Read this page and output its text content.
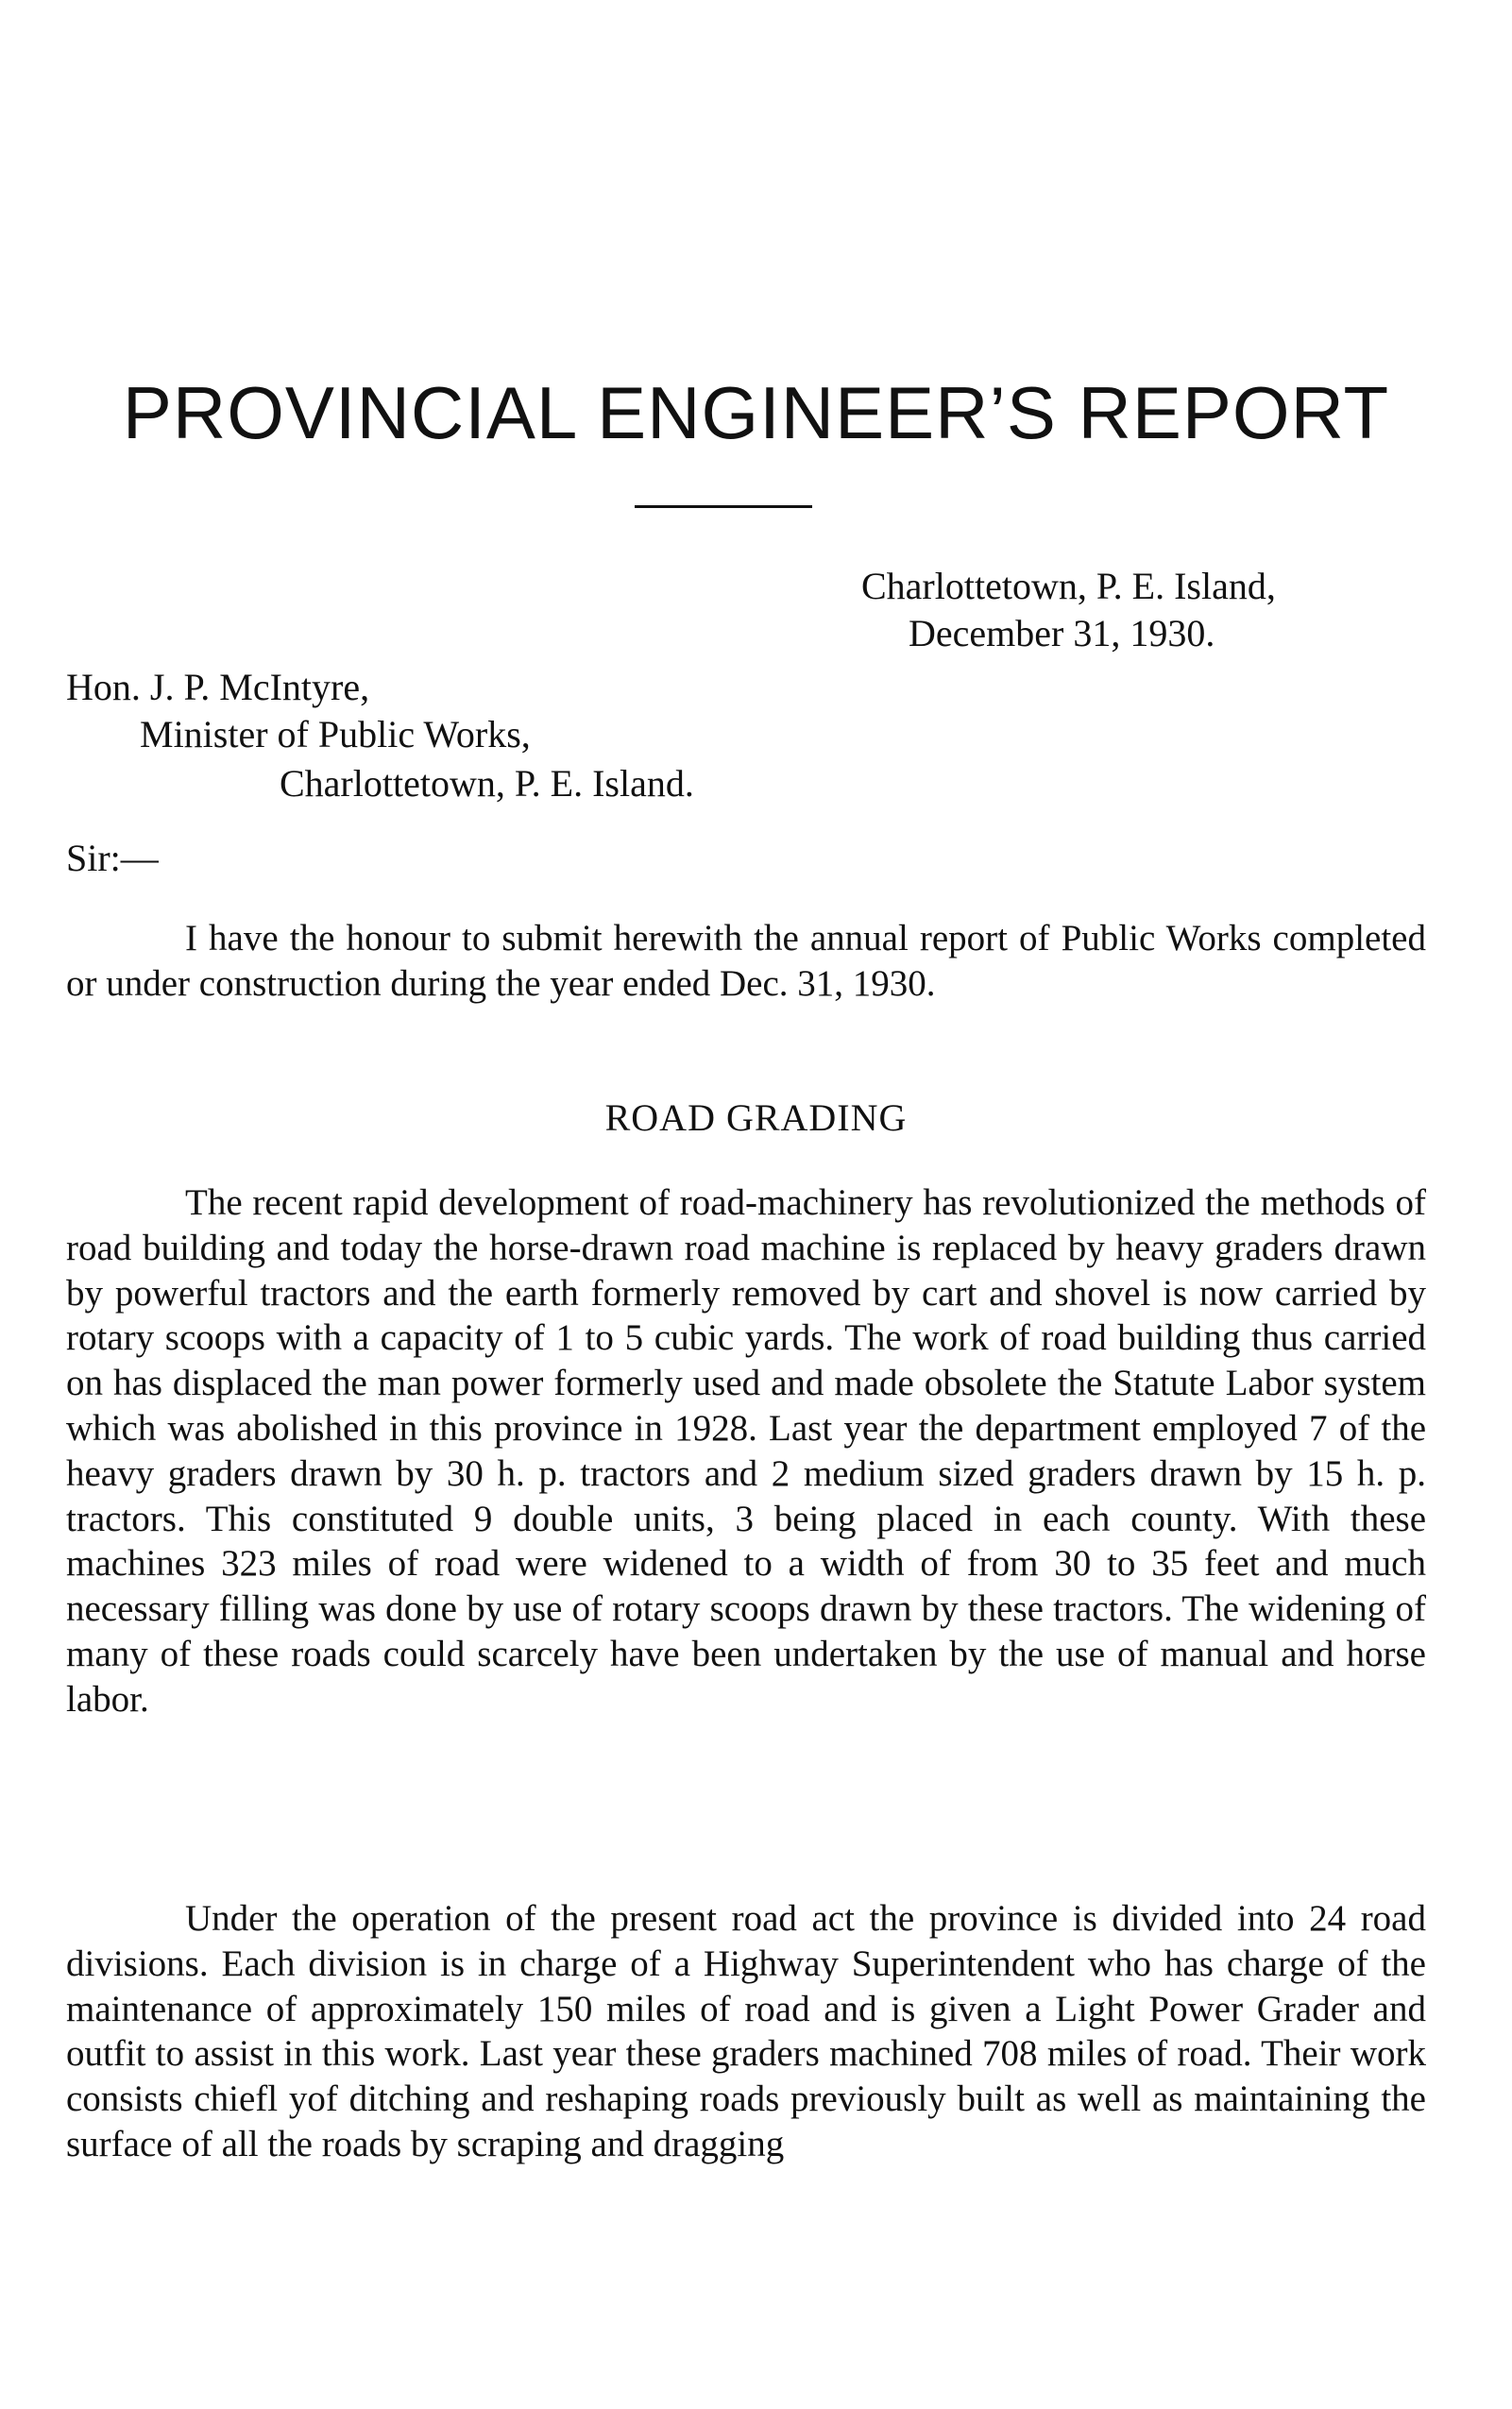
PROVINCIAL ENGINEER’S REPORT

Charlottetown, P. E. Island,

December 31, 1930.

Hon. J. P. McIntyre,

Minister of Public Works,

Charlottetown, P. E. Island.

Sir:—

I have the honour to submit herewith the annual report of Public Works completed or under construction during the year ended Dec. 31, 1930.

ROAD GRADING

The recent rapid development of road-machinery has revolutionized the methods of road building and today the horse-drawn road machine is replaced by heavy graders drawn by powerful tractors and the earth formerly removed by cart and shovel is now carried by rotary scoops with a capacity of 1 to 5 cubic yards. The work of road building thus carried on has displaced the man power formerly used and made obsolete the Statute Labor system which was abolished in this province in 1928. Last year the department employed 7 of the heavy graders drawn by 30 h. p. tractors and 2 medium sized graders drawn by 15 h. p. tractors. This constituted 9 double units, 3 being placed in each county. With these machines 323 miles of road were widened to a width of from 30 to 35 feet and much necessary filling was done by use of rotary scoops drawn by these tractors. The widening of many of these roads could scarcely have been undertaken by the use of manual and horse labor.

Under the operation of the present road act the province is divided into 24 road divisions. Each division is in charge of a Highway Superintendent who has charge of the maintenance of approximately 150 miles of road and is given a Light Power Grader and outfit to assist in this work. Last year these graders machined 708 miles of road. Their work consists chiefl yof ditching and reshaping roads previously built as well as maintaining the surface of all the roads by scraping and dragging
